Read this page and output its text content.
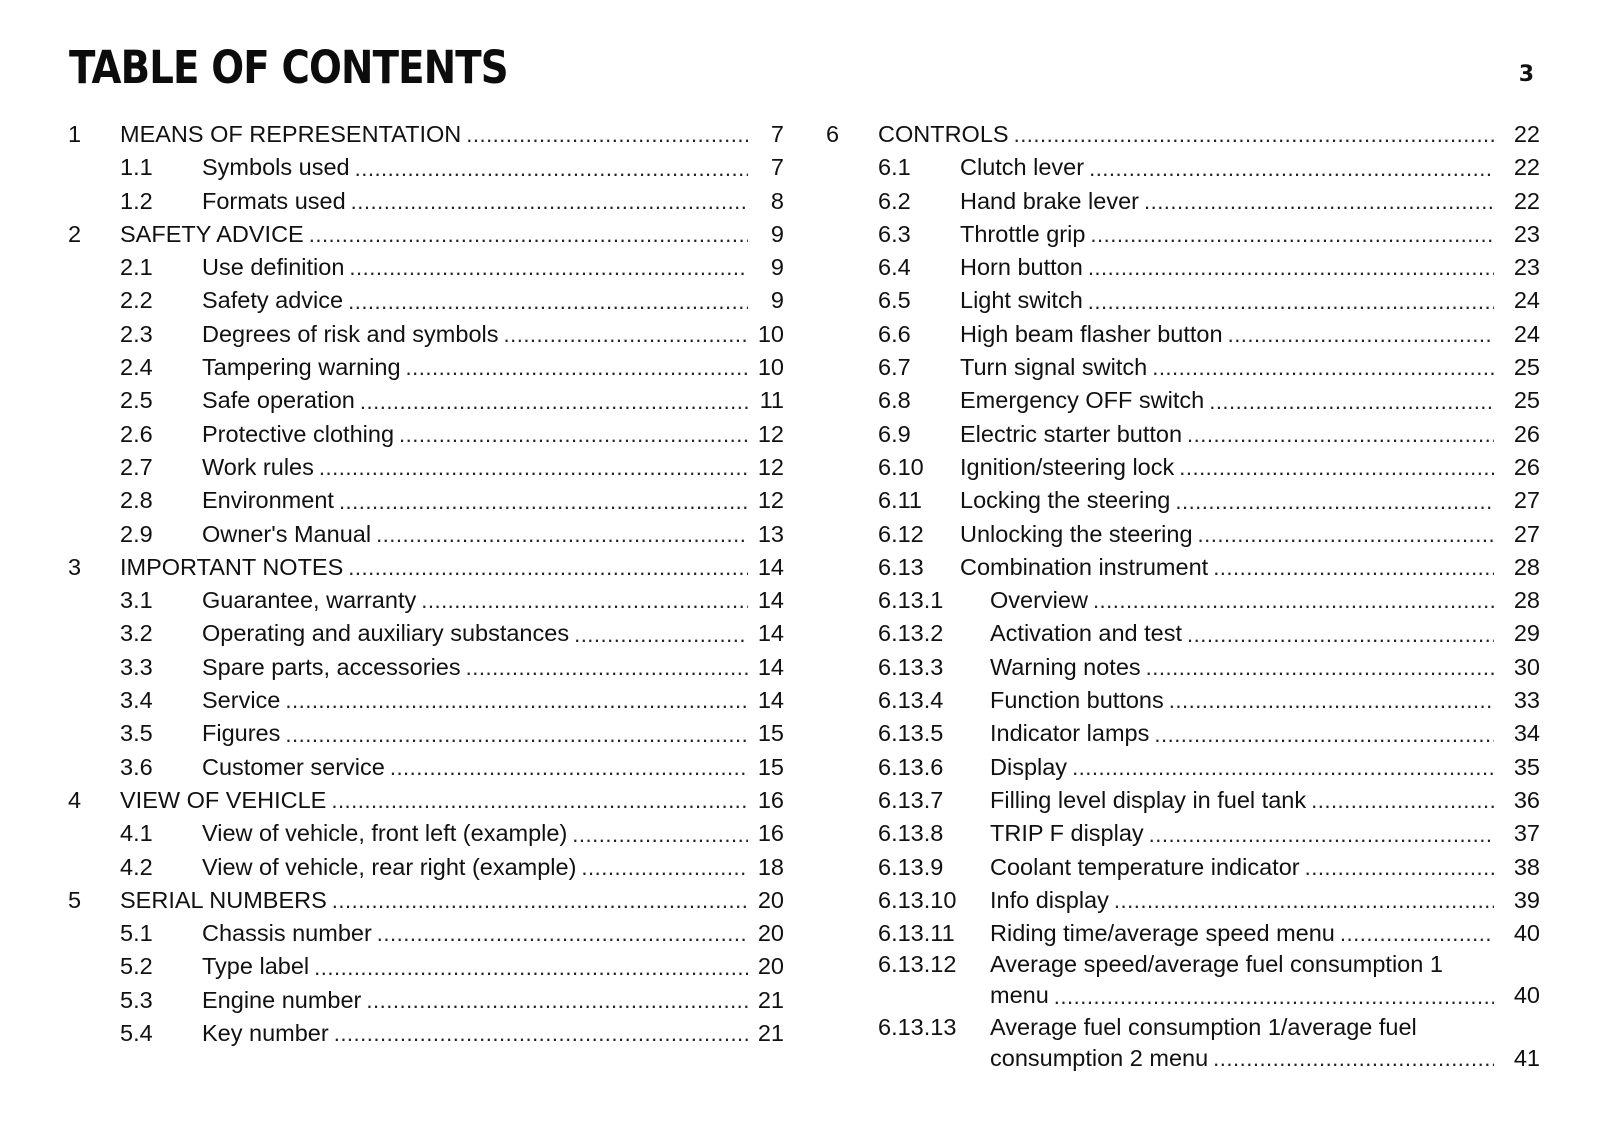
TABLE OF CONTENTS	3
1	MEANS OF REPRESENTATION .....	7
1.1	Symbols used .....	7
1.2	Formats used .....	8
2	SAFETY ADVICE .....	9
2.1	Use definition .....	9
2.2	Safety advice .....	9
2.3	Degrees of risk and symbols .....	10
2.4	Tampering warning .....	10
2.5	Safe operation .....	11
2.6	Protective clothing .....	12
2.7	Work rules .....	12
2.8	Environment .....	12
2.9	Owner's Manual .....	13
3	IMPORTANT NOTES .....	14
3.1	Guarantee, warranty .....	14
3.2	Operating and auxiliary substances .....	14
3.3	Spare parts, accessories .....	14
3.4	Service .....	14
3.5	Figures .....	15
3.6	Customer service .....	15
4	VIEW OF VEHICLE .....	16
4.1	View of vehicle, front left (example) .....	16
4.2	View of vehicle, rear right (example) .....	18
5	SERIAL NUMBERS .....	20
5.1	Chassis number .....	20
5.2	Type label .....	20
5.3	Engine number .....	21
5.4	Key number .....	21
6	CONTROLS .....	22
6.1	Clutch lever .....	22
6.2	Hand brake lever .....	22
6.3	Throttle grip .....	23
6.4	Horn button .....	23
6.5	Light switch .....	24
6.6	High beam flasher button .....	24
6.7	Turn signal switch .....	25
6.8	Emergency OFF switch .....	25
6.9	Electric starter button .....	26
6.10	Ignition/steering lock .....	26
6.11	Locking the steering .....	27
6.12	Unlocking the steering .....	27
6.13	Combination instrument .....	28
6.13.1	Overview .....	28
6.13.2	Activation and test .....	29
6.13.3	Warning notes .....	30
6.13.4	Function buttons .....	33
6.13.5	Indicator lamps .....	34
6.13.6	Display .....	35
6.13.7	Filling level display in fuel tank .....	36
6.13.8	TRIP F display .....	37
6.13.9	Coolant temperature indicator .....	38
6.13.10	Info display .....	39
6.13.11	Riding time/average speed menu .....	40
6.13.12	Average speed/average fuel consumption 1
menu .....	40
6.13.13	Average fuel consumption 1/average fuel
consumption 2 menu .....	41
